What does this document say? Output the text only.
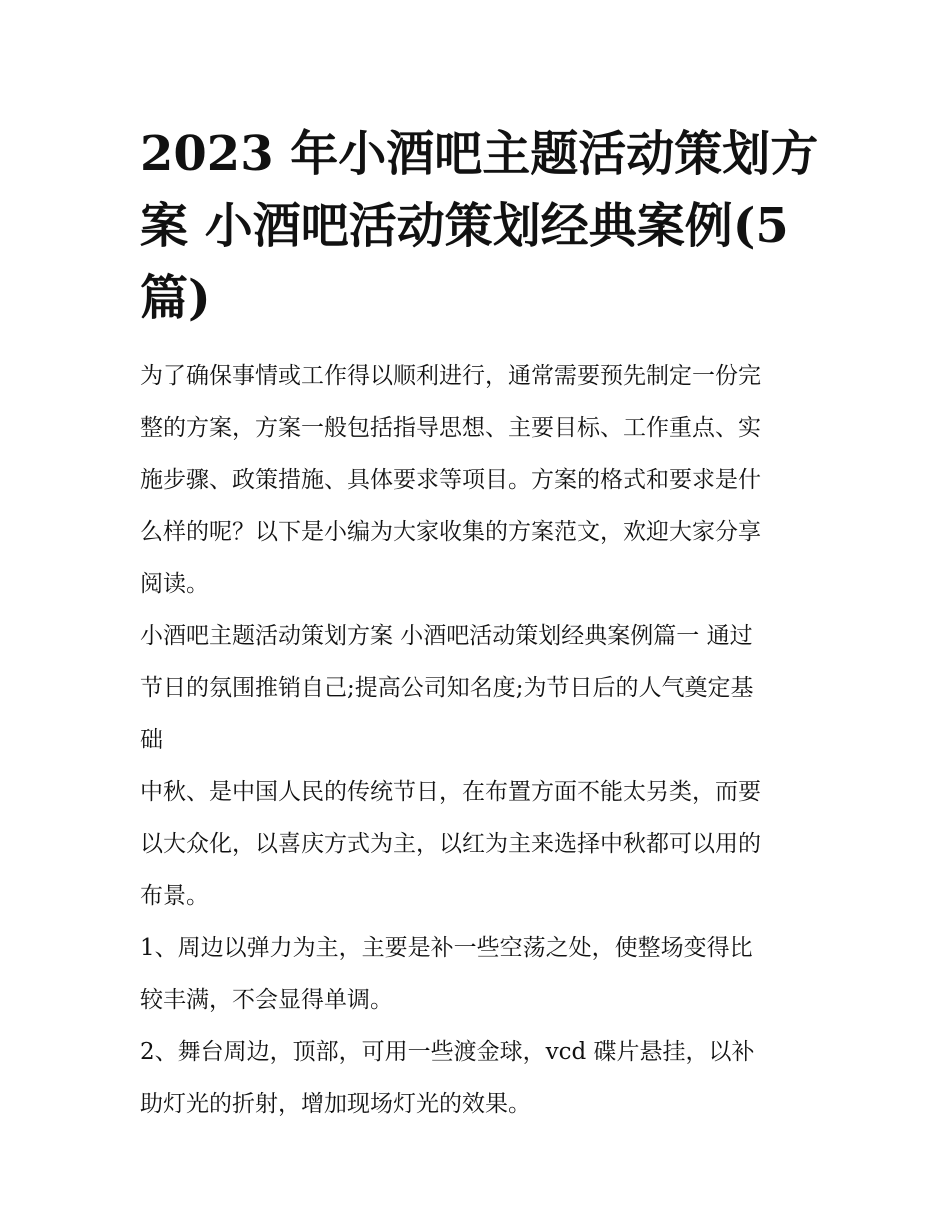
2023 年小酒吧主题活动策划方
案 小酒吧活动策划经典案例(5
篇)

为了确保事情或工作得以顺利进行，通常需要预先制定一份完
整的方案，方案一般包括指导思想、主要目标、工作重点、实
施步骤、政策措施、具体要求等项目。方案的格式和要求是什
么样的呢？以下是小编为大家收集的方案范文，欢迎大家分享
阅读。

小酒吧主题活动策划方案 小酒吧活动策划经典案例篇一 通过
节日的氛围推销自己;提高公司知名度;为节日后的人气奠定基
础

中秋、是中国人民的传统节日，在布置方面不能太另类，而要
以大众化，以喜庆方式为主，以红为主来选择中秋都可以用的
布景。

1、周边以弹力为主，主要是补一些空荡之处，使整场变得比
较丰满，不会显得单调。

2、舞台周边，顶部，可用一些渡金球，vcd 碟片悬挂，以补
助灯光的折射，增加现场灯光的效果。
